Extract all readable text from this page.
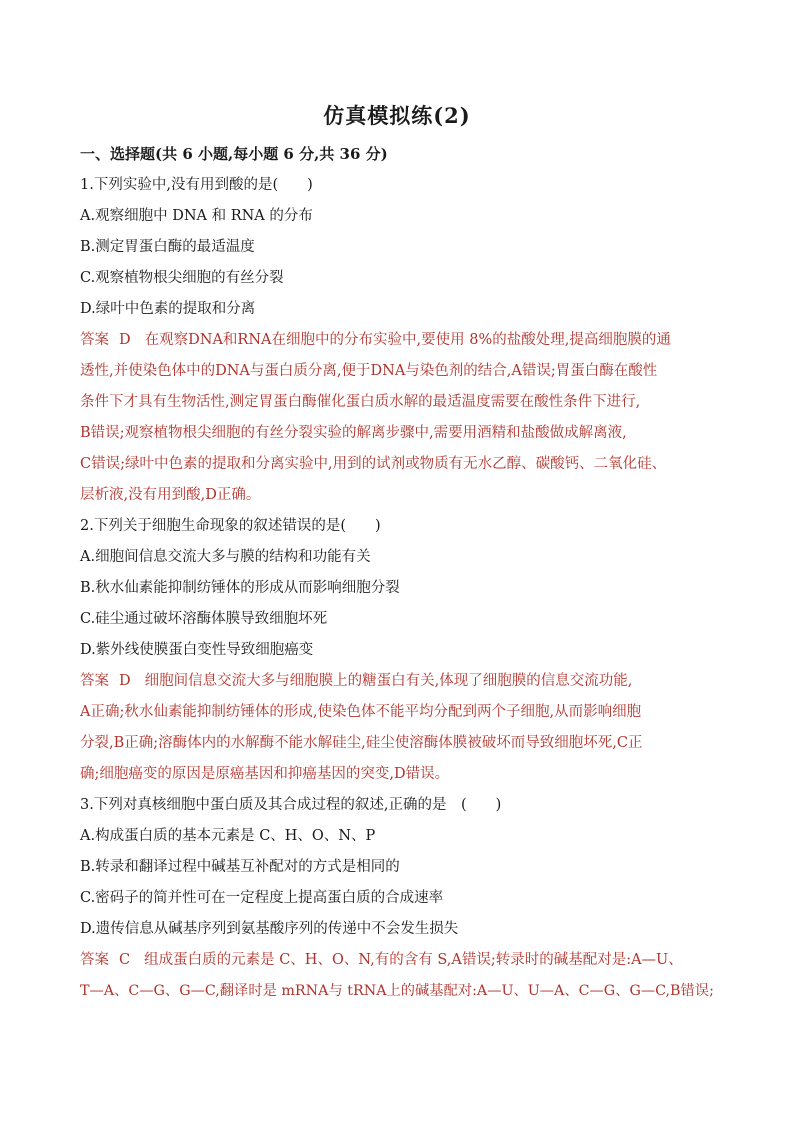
仿真模拟练(2)
一、选择题(共 6 小题,每小题 6 分,共 36 分)
1.下列实验中,没有用到酸的是(　　)
A.观察细胞中 DNA 和 RNA 的分布
B.测定胃蛋白酶的最适温度
C.观察植物根尖细胞的有丝分裂
D.绿叶中色素的提取和分离
答案 D 在观察DNA和RNA在细胞中的分布实验中,要使用 8%的盐酸处理,提高细胞膜的通
透性,并使染色体中的DNA与蛋白质分离,便于DNA与染色剂的结合,A错误;胃蛋白酶在酸性
条件下才具有生物活性,测定胃蛋白酶催化蛋白质水解的最适温度需要在酸性条件下进行,
B错误;观察植物根尖细胞的有丝分裂实验的解离步骤中,需要用酒精和盐酸做成解离液,
C错误;绿叶中色素的提取和分离实验中,用到的试剂或物质有无水乙醇、碳酸钙、二氧化硅、
层析液,没有用到酸,D正确。
2.下列关于细胞生命现象的叙述错误的是(　　)
A.细胞间信息交流大多与膜的结构和功能有关
B.秋水仙素能抑制纺锤体的形成从而影响细胞分裂
C.硅尘通过破坏溶酶体膜导致细胞坏死
D.紫外线使膜蛋白变性导致细胞癌变
答案 D 细胞间信息交流大多与细胞膜上的糖蛋白有关,体现了细胞膜的信息交流功能,
A正确;秋水仙素能抑制纺锤体的形成,使染色体不能平均分配到两个子细胞,从而影响细胞
分裂,B正确;溶酶体内的水解酶不能水解硅尘,硅尘使溶酶体膜被破坏而导致细胞坏死,C正
确;细胞癌变的原因是原癌基因和抑癌基因的突变,D错误。
3.下列对真核细胞中蛋白质及其合成过程的叙述,正确的是　(　　)
A.构成蛋白质的基本元素是 C、H、O、N、P
B.转录和翻译过程中碱基互补配对的方式是相同的
C.密码子的简并性可在一定程度上提高蛋白质的合成速率
D.遗传信息从碱基序列到氨基酸序列的传递中不会发生损失
答案 C 组成蛋白质的元素是 C、H、O、N,有的含有 S,A错误;转录时的碱基配对是:A—U、
T—A、C—G、G—C,翻译时是 mRNA与 tRNA上的碱基配对:A—U、U—A、C—G、G—C,B错误;
